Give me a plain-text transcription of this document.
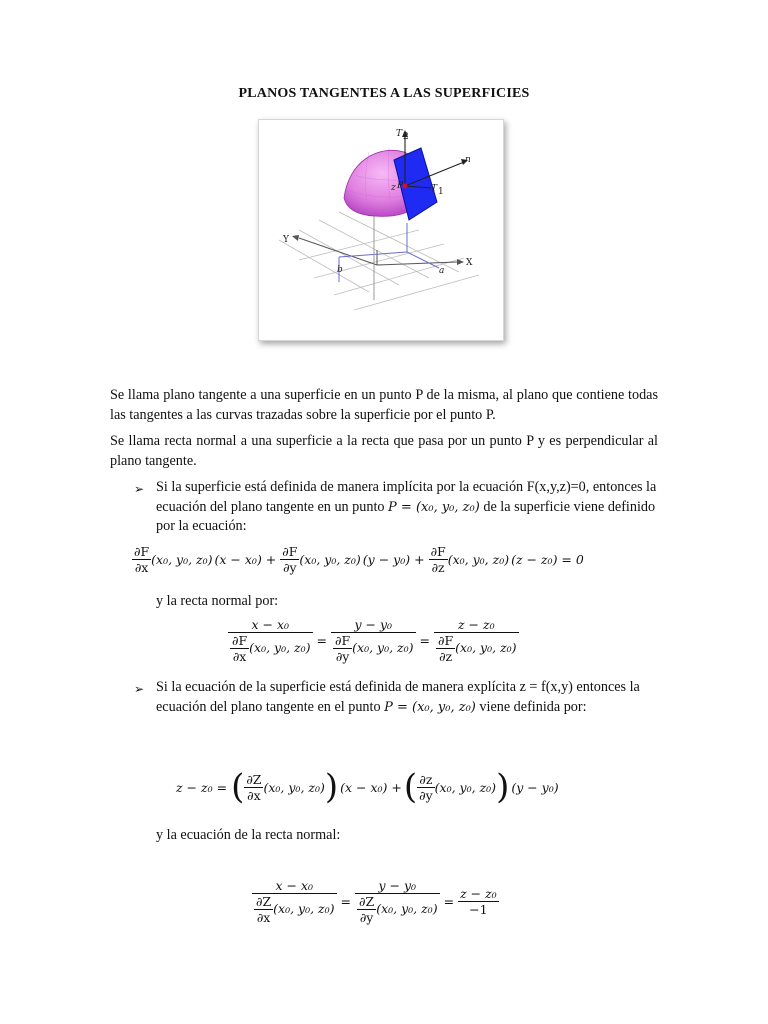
PLANOS TANGENTES A LAS SUPERFICIES
T 2
n
z P	T 1
Y
X
b	a
Se llama plano tangente a una superficie en un punto P de la misma, al plano que contiene todas las tangentes a las curvas trazadas sobre la superficie por el punto P.
Se llama recta normal a una superficie a la recta que pasa por un punto P y es perpendicular al plano tangente.
➢ Si la superficie está definida de manera implícita por la ecuación F(x,y,z)=0, entonces la ecuación del plano tangente en un punto P = (x₀, y₀, z₀) de la superficie viene definido por la ecuación:
$\frac{\partial F}{\partial x} (x_0$, y₀, z₀) $(x - x_0) + \frac{\partial F}{\partial y} (x_0$, y₀, z₀) $(y - y_0) + \frac{\partial F}{\partial z} (x_0$, y₀, z₀) (z − z₀) = 0
y la recta normal por:
$\frac{\text{x − x₀}}{\frac{\partial F}{\partial x} (x_0, y_0, z_0)} = \frac{\text{y − y₀}}{\frac{\partial F}{\partial y} (x_0, y_0, z_0)} = \frac{\text{z − z₀}}{\frac{\partial F}{\partial z} (x_0, y_0, z_0)}$
➢ Si la ecuación de la superficie está definida de manera explícita z = f(x,y) entonces la ecuación del plano tangente en el punto P = (x₀, y₀, z₀) viene definida por:
z − z₀ = ( $\frac{\partial Z}{\partial x} (x_0$, y₀, z₀) ) (x − x₀) + ( $\frac{\partial z}{\partial y} (x_0$, y₀, z₀) ) (y − y₀)
y la ecuación de la recta normal:
$\frac{\text{x − x₀}}{\frac{\partial Z}{\partial x} (x_0, y_0, z_0)} = \frac{\text{y − y₀}}{\frac{\partial Z}{\partial y} (x_0, y_0, z_0)} = \frac{\text{z − z₀}}{-1}$
